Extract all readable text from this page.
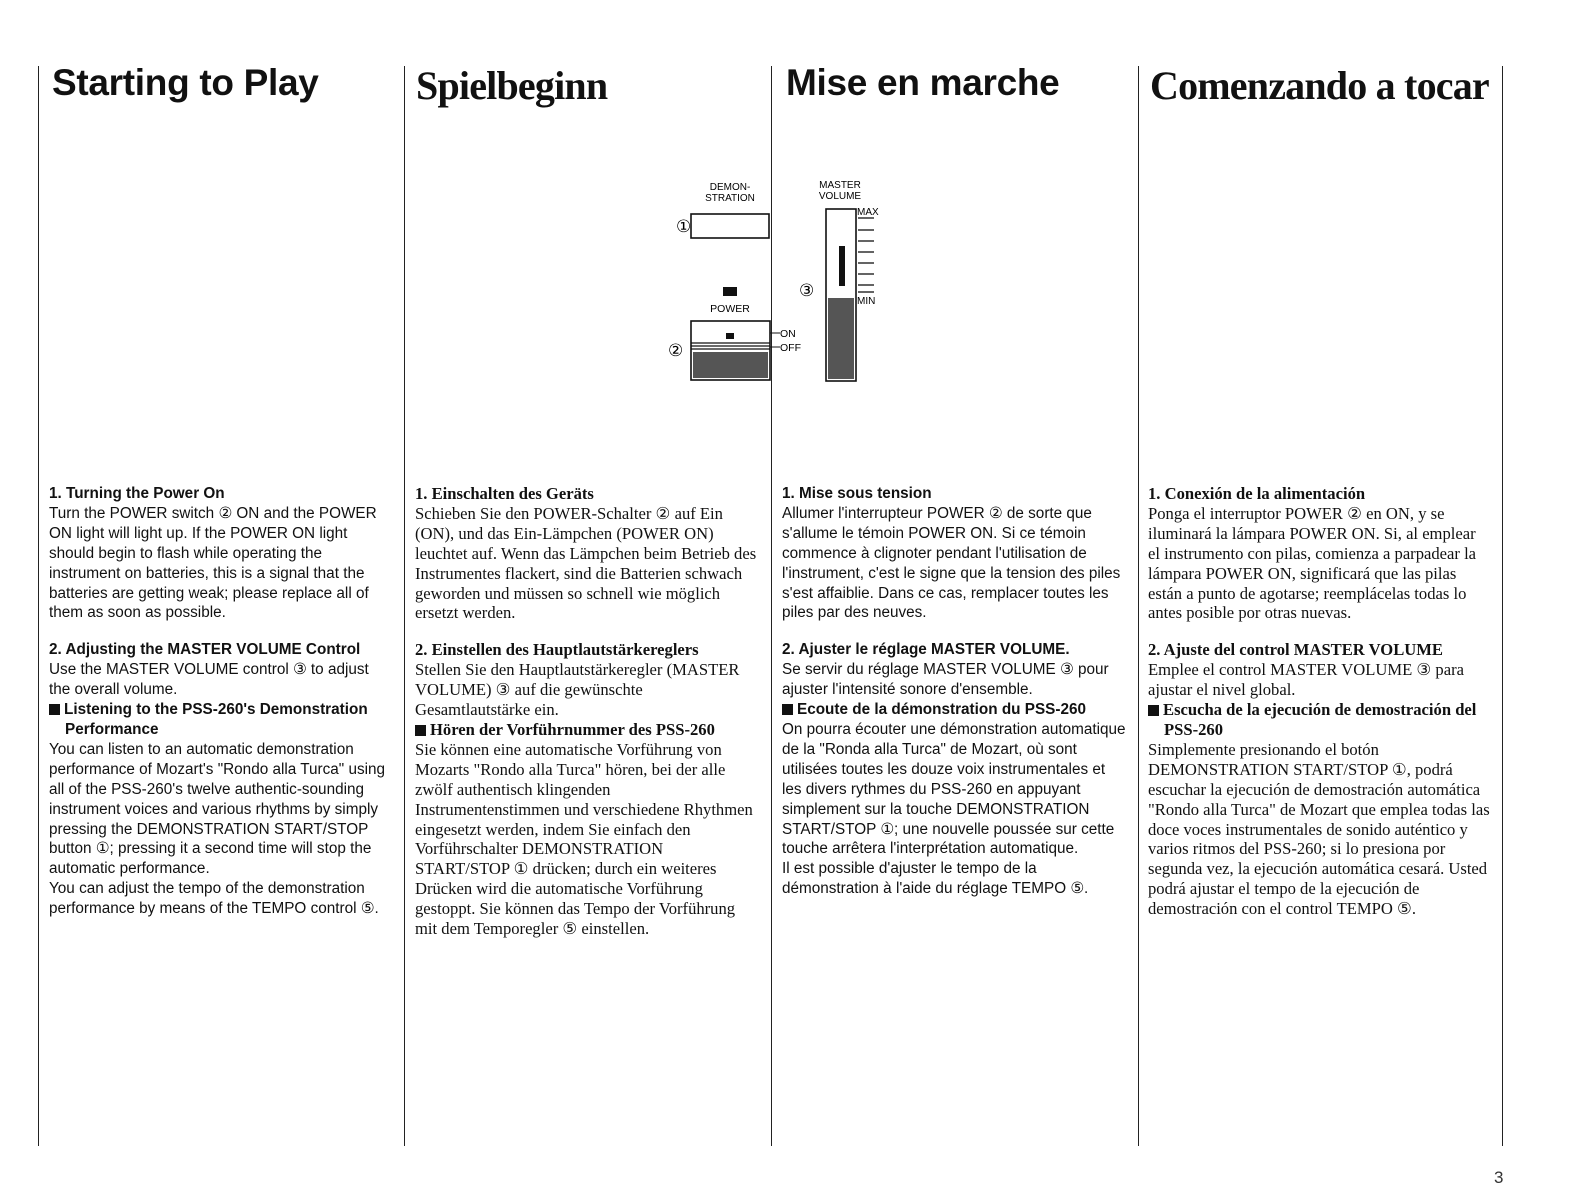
Starting to Play Spielbeginn	Mise en marche Comenzando a tocar
DEMON-
STRATION
①
POWER
②
ON
OFF
MASTER
VOLUME
MAX
MIN
③
1. Turning the Power On

Turn the POWER switch ② ON and the POWER ON light will light up. If the POWER ON light should begin to flash while operating the instrument on batteries, this is a signal that the batteries are getting weak; please replace all of them as soon as possible.

2. Adjusting the MASTER VOLUME Control

Use the MASTER VOLUME control ③ to adjust the overall volume.

Listening to the PSS-260's Demonstration Performance

You can listen to an automatic demonstration performance of Mozart's "Rondo alla Turca" using all of the PSS-260's twelve authentic-sounding instrument voices and various rhythms by simply pressing the DEMONSTRATION START/STOP button ①; pressing it a second time will stop the automatic performance.

You can adjust the tempo of the demonstration performance by means of the TEMPO control ⑤.

1. Einschalten des Geräts

Schieben Sie den POWER-Schalter ② auf Ein (ON), und das Ein-Lämpchen (POWER ON) leuchtet auf. Wenn das Lämpchen beim Betrieb des Instrumentes flackert, sind die Batterien schwach geworden und müssen so schnell wie möglich ersetzt werden.

2. Einstellen des Hauptlautstärkereglers

Stellen Sie den Hauptlautstärkeregler (MASTER VOLUME) ③ auf die gewünschte Gesamtlautstärke ein.

Hören der Vorführnummer des PSS-260

Sie können eine automatische Vorführung von Mozarts "Rondo alla Turca" hören, bei der alle zwölf authentisch klingenden Instrumentenstimmen und verschiedene Rhythmen eingesetzt werden, indem Sie einfach den Vorführschalter DEMONSTRATION START/STOP ① drücken; durch ein weiteres Drücken wird die automatische Vorführung gestoppt. Sie können das Tempo der Vorführung mit dem Temporegler ⑤ einstellen.

1. Mise sous tension

Allumer l'interrupteur POWER ② de sorte que s'allume le témoin POWER ON. Si ce témoin commence à clignoter pendant l'utilisation de l'instrument, c'est le signe que la tension des piles s'est affaiblie. Dans ce cas, remplacer toutes les piles par des neuves.

2. Ajuster le réglage MASTER VOLUME.

Se servir du réglage MASTER VOLUME ③ pour ajuster l'intensité sonore d'ensemble.

Ecoute de la démonstration du PSS-260

On pourra écouter une démonstration automatique de la "Ronda alla Turca" de Mozart, où sont utilisées toutes les douze voix instrumentales et les divers rythmes du PSS-260 en appuyant simplement sur la touche DEMONSTRATION START/STOP ①; une nouvelle poussée sur cette touche arrêtera l'interprétation automatique.

Il est possible d'ajuster le tempo de la démonstration à l'aide du réglage TEMPO ⑤.

1. Conexión de la alimentación

Ponga el interruptor POWER ② en ON, y se iluminará la lámpara POWER ON. Si, al emplear el instrumento con pilas, comienza a parpadear la lámpara POWER ON, significará que las pilas están a punto de agotarse; reemplácelas todas lo antes posible por otras nuevas.

2. Ajuste del control MASTER VOLUME

Emplee el control MASTER VOLUME ③ para ajustar el nivel global.

Escucha de la ejecución de demostración del PSS-260

Simplemente presionando el botón DEMONSTRATION START/STOP ①, podrá escuchar la ejecución de demostración automática "Rondo alla Turca" de Mozart que emplea todas las doce voces instrumentales de sonido auténtico y varios ritmos del PSS-260; si lo presiona por segunda vez, la ejecución automática cesará. Usted podrá ajustar el tempo de la ejecución de demostración con el control TEMPO ⑤.

3
